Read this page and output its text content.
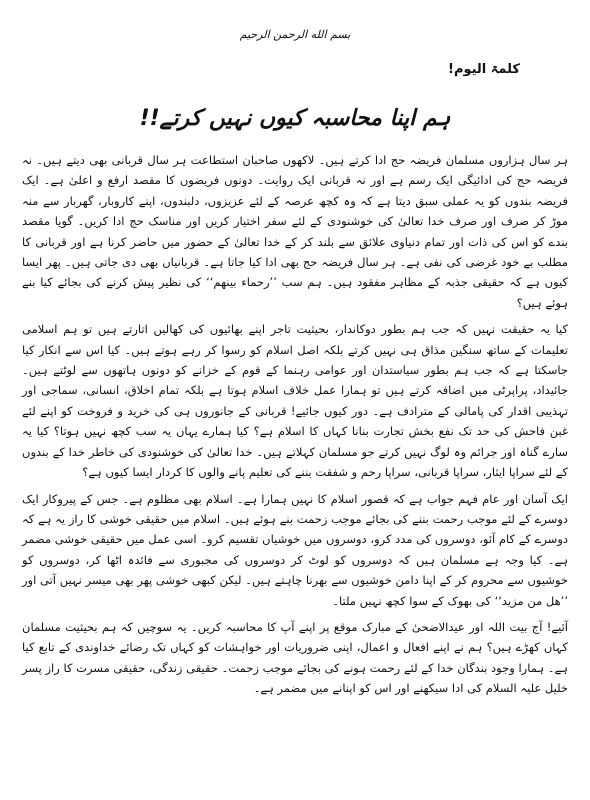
بسم الله الرحمن الرحیم
کلمۃ الیوم!
ہم اپنا محاسبہ کیوں نہیں کرتے!!

ہر سال ہزاروں مسلمان فریضہ حج ادا کرتے ہیں۔ لاکھوں صاحبان استطاعت ہر سال قربانی بھی دیتے ہیں۔ نہ فریضہ حج کی ادائیگی ایک رسم ہے اور نہ قربانی ایک روایت۔ دونوں فریضوں کا مقصد ارفع و اعلیٰ ہے۔ ایک فریضہ بندوں کو یہ عملی سبق دیتا ہے کہ وہ کچھ عرصہ کے لئے عزیزوں، دلبندوں، اپنے کاروبار، گھربار سے منہ موڑ کر صرف اور صرف خدا تعالیٰ کی خوشنودی کے لئے سفر اختیار کریں اور مناسک حج ادا کریں۔ گویا مقصد بندے کو اس کی ذات اور تمام دنیاوی علائق سے بلند کر کے خدا تعالیٰ کے حضور میں حاضر کرنا ہے اور قربانی کا مطلب بے خود غرضی کی نفی ہے۔ ہر سال فریضہ حج بھی ادا کیا جاتا ہے۔ قربانیاں بھی دی جاتی ہیں۔ پھر ایسا کیوں ہے کہ حقیقی جذبہ کے مظاہر مفقود ہیں۔ ہم سب ’’رحماء بینھم‘‘ کی نظیر پیش کرنے کی بجائے کیا بنے ہوئے ہیں؟

کیا یہ حقیقت نہیں کہ جب ہم بطور دوکاندار، بحیثیت تاجر اپنے بھائیوں کی کھالیں اتارتے ہیں تو ہم اسلامی تعلیمات کے ساتھ سنگین مذاق ہی نہیں کرتے بلکہ اصل اسلام کو رسوا کر رہے ہوتے ہیں۔ کیا اس سے انکار کیا جاسکتا ہے کہ جب ہم بطور سیاستدان اور عوامی رہنما کے قوم کے خزانے کو دونوں ہاتھوں سے لوٹتے ہیں۔ جائیداد، پراپرٹی میں اضافہ کرتے ہیں تو ہمارا عمل خلاف اسلام ہوتا ہے بلکہ تمام اخلاق، انسانی، سماجی اور تہذیبی اقدار کی پامالی کے مترادف ہے۔ دور کیوں جائیے! قربانی کے جانوروں ہی کی خرید و فروخت کو اپنے لئے غبن فاحش کی حد تک نفع بخش تجارت بنانا کہاں کا اسلام ہے؟ کیا ہمارے یہاں یہ سب کچھ نہیں ہوتا؟ کیا یہ سارے گناہ اور جرائم وہ لوگ نہیں کرتے جو مسلمان کہلاتے ہیں۔ خدا تعالیٰ کی خوشنودی کی خاطر خدا کے بندوں کے لئے سراپا ایثار، سراپا قربانی، سراپا رحم و شفقت بننے کی تعلیم پانے والوں کا کردار ایسا کیوں ہے؟

ایک آسان اور عام فہم جواب ہے کہ قصور اسلام کا نہیں ہمارا ہے۔ اسلام بھی مظلوم ہے۔ جس کے پیروکار ایک دوسرے کے لئے موجب رحمت بننے کی بجائے موجب زحمت بنے ہوئے ہیں۔ اسلام میں حقیقی خوشی کا راز یہ ہے کہ دوسرے کے کام آئو، دوسروں کی مدد کرو، دوسروں میں خوشیاں تقسیم کرو۔ اسی عمل میں حقیقی خوشی مضمر ہے۔ کیا وجہ ہے مسلمان ہیں کہ دوسروں کو لوٹ کر دوسروں کی مجبوری سے فائدہ اٹھا کر، دوسروں کو خوشیوں سے محروم کر کے اپنا دامن خوشیوں سے بھرنا چاہتے ہیں۔ لیکن کبھی خوشی پھر بھی میسر نہیں آتی اور ’’ھل من مزید‘‘ کی بھوک کے سوا کچھ نہیں ملتا۔

آئیے! آج بیت اللہ اور عیدالاضحیٰ کے مبارک موقع پر اپنے آپ کا محاسبہ کریں۔ یہ سوچیں کہ ہم بحیثیت مسلمان کہاں کھڑے ہیں؟ ہم نے اپنے افعال و اعمال، اپنی ضروریات اور خواہشات کو کہاں تک رضائے خداوندی کے تابع کیا ہے۔ ہمارا وجود بندگان خدا کے لئے رحمت ہونے کی بجائے موجب زحمت۔ حقیقی زندگی، حقیقی مسرت کا راز پسر خلیل علیہ السلام کی ادا سیکھنے اور اس کو اپنانے میں مضمر ہے۔
